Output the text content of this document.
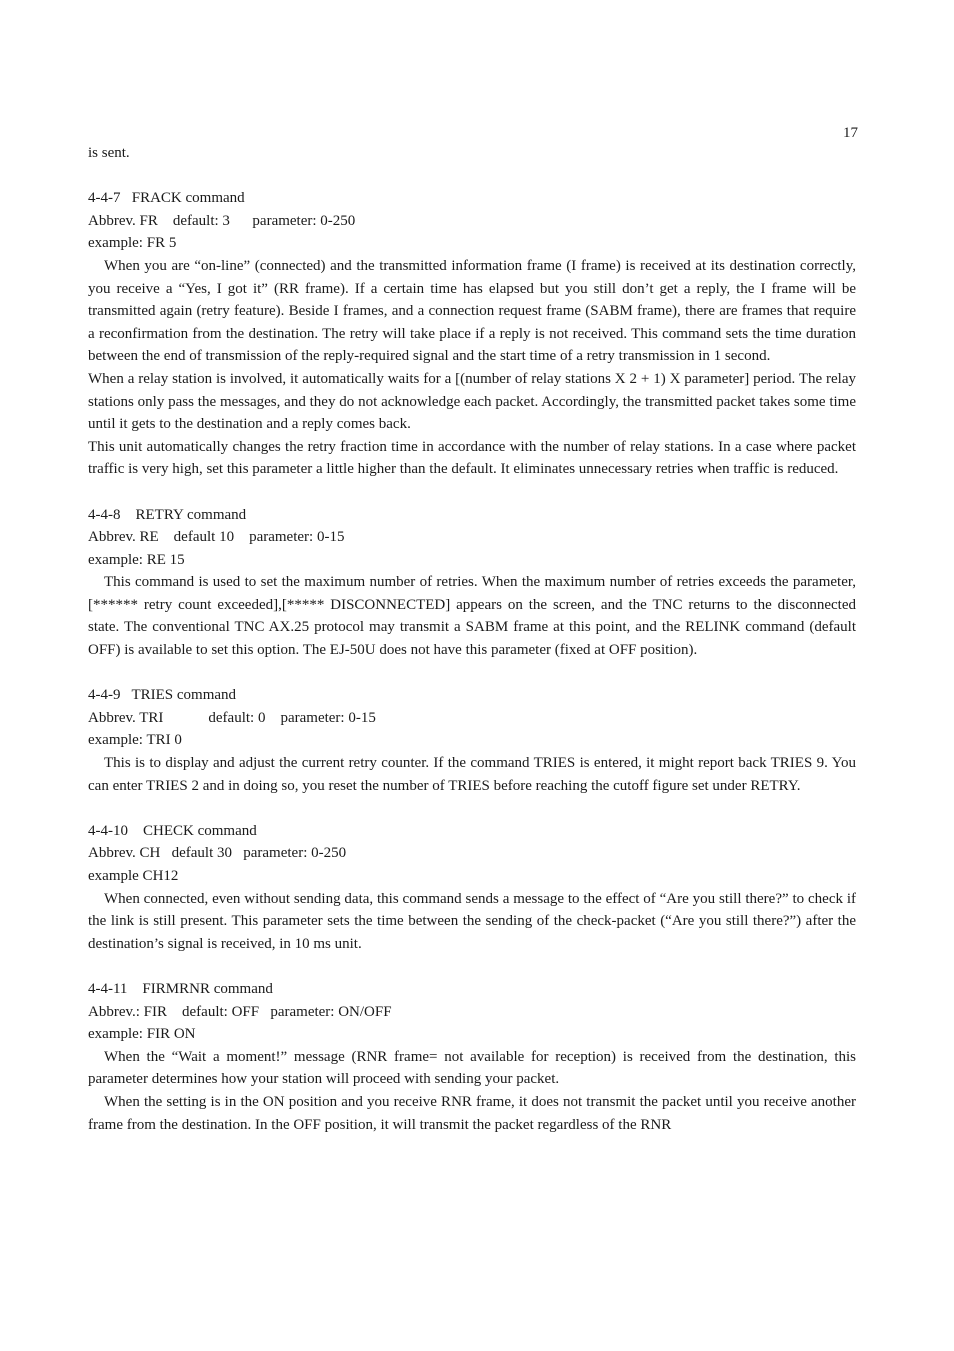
17

is sent.

4-4-7   FRACK command

Abbrev. FR    default: 3      parameter: 0-250

example: FR 5

When you are “on-line” (connected) and the transmitted information frame (I frame) is received at its destination correctly, you receive a “Yes, I got it” (RR frame). If a certain time has elapsed but you still don’t get a reply, the I frame will be transmitted again (retry feature). Beside I frames, and a connection request frame (SABM frame), there are frames that require a reconfirmation from the destination. The retry will take place if a reply is not received. This command sets the time duration between the end of transmission of the reply-required signal and the start time of a retry transmission in 1 second.

When a relay station is involved, it automatically waits for a [(number of relay stations X 2 + 1) X parameter] period. The relay stations only pass the messages, and they do not acknowledge each packet. Accordingly, the transmitted packet takes some time until it gets to the destination and a reply comes back.

This unit automatically changes the retry fraction time in accordance with the number of relay stations. In a case where packet traffic is very high, set this parameter a little higher than the default. It eliminates unnecessary retries when traffic is reduced.

4-4-8    RETRY command

Abbrev. RE    default 10    parameter: 0-15

example: RE 15

This command is used to set the maximum number of retries. When the maximum number of retries exceeds the parameter, [****** retry count exceeded],[***** DISCONNECTED] appears on the screen, and the TNC returns to the disconnected state. The conventional TNC AX.25 protocol may transmit a SABM frame at this point, and the RELINK command (default OFF) is available to set this option. The EJ-50U does not have this parameter (fixed at OFF position).

4-4-9   TRIES command

Abbrev. TRI            default: 0    parameter: 0-15

example: TRI 0

This is to display and adjust the current retry counter. If the command TRIES is entered, it might report back TRIES 9. You can enter TRIES 2 and in doing so, you reset the number of TRIES before reaching the cutoff figure set under RETRY.

4-4-10    CHECK command

Abbrev. CH   default 30   parameter: 0-250

example CH12

When connected, even without sending data, this command sends a message to the effect of “Are you still there?” to check if the link is still present. This parameter sets the time between the sending of the check-packet (“Are you still there?”) after the destination’s signal is received, in 10 ms unit.

4-4-11    FIRMRNR command

Abbrev.: FIR    default: OFF   parameter: ON/OFF

example: FIR ON

When the “Wait a moment!” message (RNR frame= not available for reception) is received from the destination, this parameter determines how your station will proceed with sending your packet.

When the setting is in the ON position and you receive RNR frame, it does not transmit the packet until you receive another frame from the destination. In the OFF position, it will transmit the packet regardless of the RNR
